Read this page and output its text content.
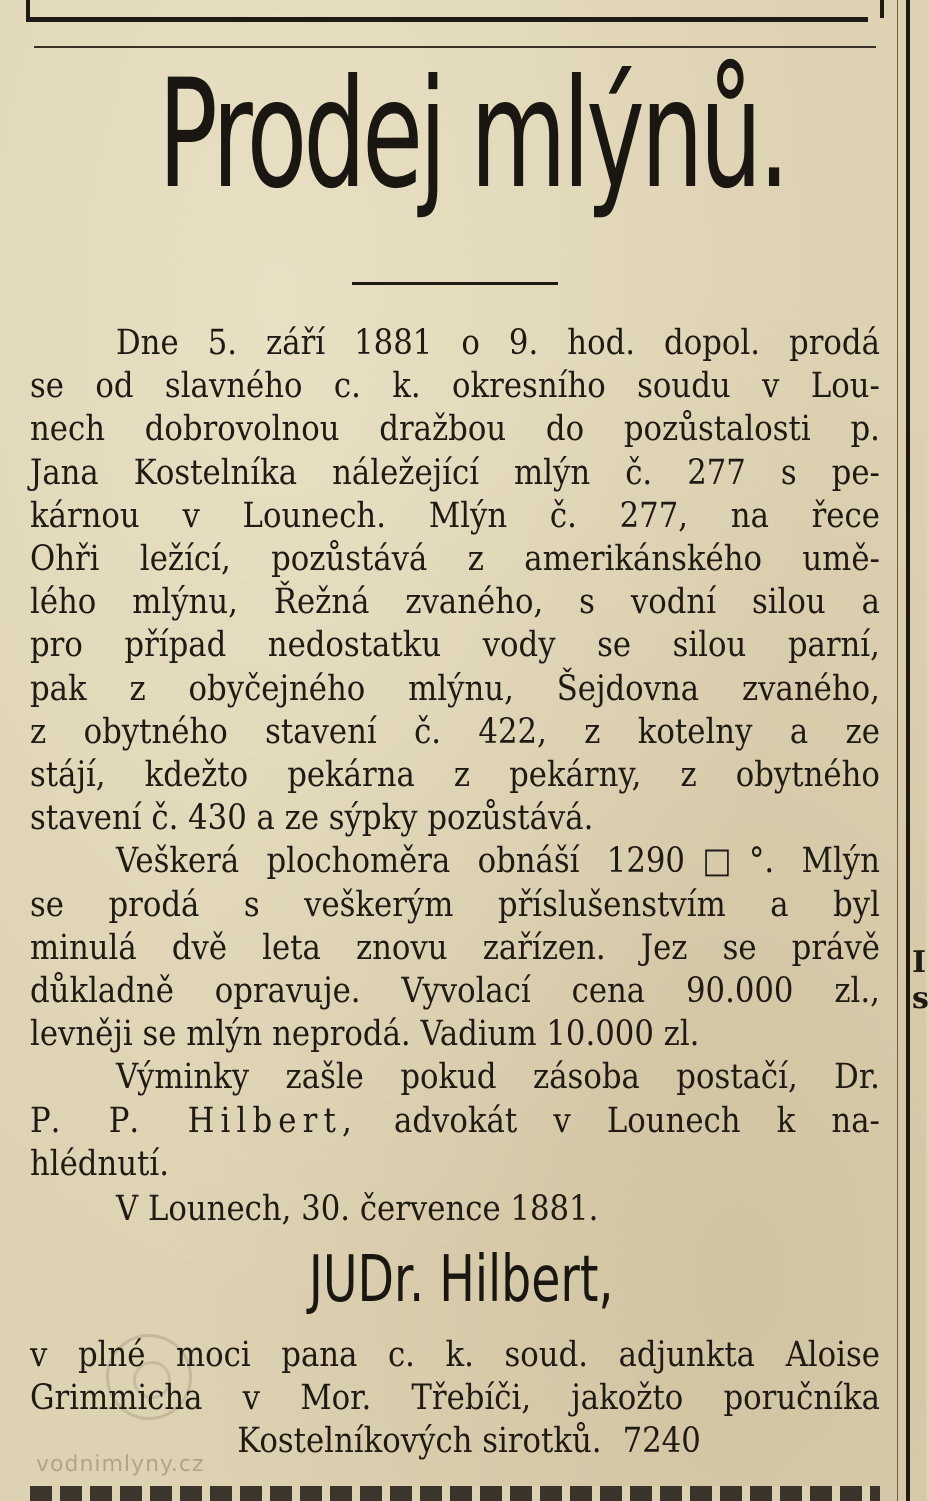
I
s
Prodej mlýnů.
Dne 5. září 1881 o 9. hod. dopol. prodá
se od slavného c. k. okresního soudu v Lou-
nech dobrovolnou dražbou do pozůstalosti p.
Jana Kostelníka náležející mlýn č. 277 s pe-
kárnou v Lounech. Mlýn č. 277, na řece
Ohři ležící, pozůstává z amerikánského umě-
lého mlýnu, Řežná zvaného, s vodní silou a
pro případ nedostatku vody se silou parní,
pak z obyčejného mlýnu, Šejdovna zvaného,
z obytného stavení č. 422, z kotelny a ze
stájí, kdežto pekárna z pekárny, z obytného
stavení č. 430 a ze sýpky pozůstává.
Veškerá plochoměra obnáší 1290□°. Mlýn
se prodá s veškerým příslušenstvím a byl
minulá dvě leta znovu zařízen. Jez se právě
důkladně opravuje. Vyvolací cena 90.000 zl.,
levněji se mlýn neprodá. Vadium 10.000 zl.
Výminky zašle pokud zásoba postačí, Dr.
P. P. Hilbert, advokát v Lounech k na-
hlédnutí.
V Lounech, 30. července 1881.
JUDr. Hilbert,
v plné moci pana c. k. soud. adjunkta Aloise
Grimmicha v Mor. Třebíči, jakožto poručníka
Kostelníkových sirotků. 7240
vodnimlyny.cz
